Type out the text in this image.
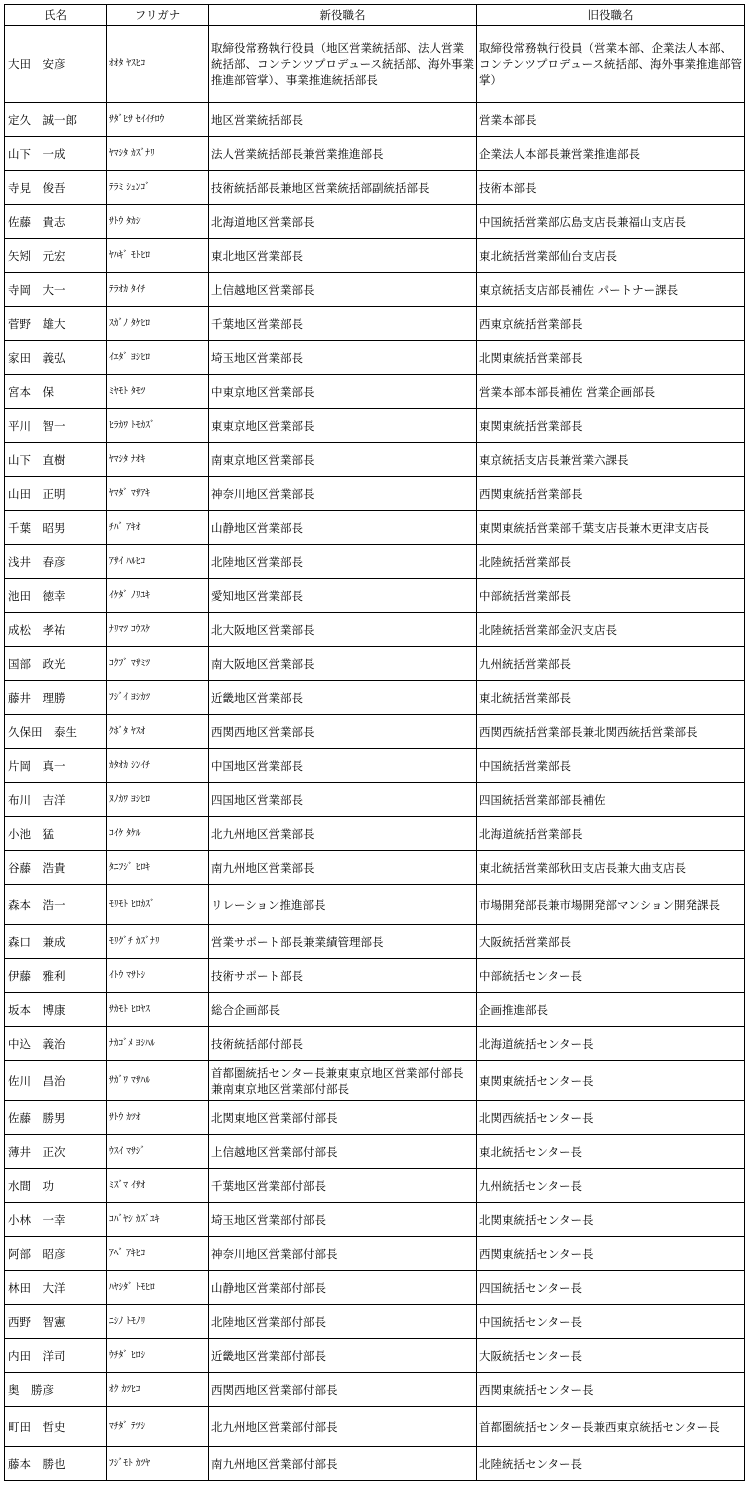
氏名	フリガナ	新役職名	旧役職名
大田　安彦	ｵｵﾀ ﾔｽﾋｺ	取締役常務執行役員（地区営業統括部、法人営業統括部、コンテンツプロデュース統括部、海外事業推進部管掌）、事業推進統括部長	取締役常務執行役員（営業本部、企業法人本部、コンテンツプロデュース統括部、海外事業推進部管掌）
定久　誠一郎	ｻﾀﾞﾋｻ ｾｲｲﾁﾛｳ	地区営業統括部長	営業本部長
山下　一成	ﾔﾏｼﾀ ｶｽﾞﾅﾘ	法人営業統括部長兼営業推進部長	企業法人本部長兼営業推進部長
寺見　俊吾	ﾃﾗﾐ ｼｭﾝｺﾞ	技術統括部長兼地区営業統括部副統括部長	技術本部長
佐藤　貴志	ｻﾄｳ ﾀｶｼ	北海道地区営業部長	中国統括営業部広島支店長兼福山支店長
矢矧　元宏	ﾔﾊｷﾞ ﾓﾄﾋﾛ	東北地区営業部長	東北統括営業部仙台支店長
寺岡　大一	ﾃﾗｵｶ ﾀｲﾁ	上信越地区営業部長	東京統括支店部長補佐 パートナー課長
菅野　雄大	ｽｶﾞﾉ ﾀｹﾋﾛ	千葉地区営業部長	西東京統括営業部長
家田　義弘	ｲｴﾀﾞ ﾖｼﾋﾛ	埼玉地区営業部長	北関東統括営業部長
宮本　保	ﾐﾔﾓﾄ ﾀﾓﾂ	中東京地区営業部長	営業本部本部長補佐 営業企画部長
平川　智一	ﾋﾗｶﾜ ﾄﾓｶｽﾞ	東東京地区営業部長	東関東統括営業部長
山下　直樹	ﾔﾏｼﾀ ﾅｵｷ	南東京地区営業部長	東京統括支店長兼営業六課長
山田　正明	ﾔﾏﾀﾞ ﾏｻｱｷ	神奈川地区営業部長	西関東統括営業部長
千葉　昭男	ﾁﾊﾞ ｱｷｵ	山静地区営業部長	東関東統括営業部千葉支店長兼木更津支店長
浅井　春彦	ｱｻｲ ﾊﾙﾋｺ	北陸地区営業部長	北陸統括営業部長
池田　徳幸	ｲｹﾀﾞ ﾉﾘﾕｷ	愛知地区営業部長	中部統括営業部長
成松　孝祐	ﾅﾘﾏﾂ ｺｳｽｹ	北大阪地区営業部長	北陸統括営業部金沢支店長
国部　政光	ｺｸﾌﾞ ﾏｻﾐﾂ	南大阪地区営業部長	九州統括営業部長
藤井　理勝	ﾌｼﾞｲ ﾖｼｶﾂ	近畿地区営業部長	東北統括営業部長
久保田　泰生	ｸﾎﾞﾀ ﾔｽｵ	西関西地区営業部長	西関西統括営業部長兼北関西統括営業部長
片岡　真一	ｶﾀｵｶ ｼﾝｲﾁ	中国地区営業部長	中国統括営業部長
布川　吉洋	ﾇﾉｶﾜ ﾖｼﾋﾛ	四国地区営業部長	四国統括営業部部長補佐
小池　猛	ｺｲｹ ﾀｹﾙ	北九州地区営業部長	北海道統括営業部長
谷藤　浩貴	ﾀﾆﾌｼﾞ ﾋﾛｷ	南九州地区営業部長	東北統括営業部秋田支店長兼大曲支店長
森本　浩一	ﾓﾘﾓﾄ ﾋﾛｶｽﾞ	リレーション推進部長	市場開発部長兼市場開発部マンション開発課長
森口　兼成	ﾓﾘｸﾞﾁ ｶｽﾞﾅﾘ	営業サポート部長兼業績管理部長	大阪統括営業部長
伊藤　雅利	ｲﾄｳ ﾏｻﾄｼ	技術サポート部長	中部統括センター長
坂本　博康	ｻｶﾓﾄ ﾋﾛﾔｽ	総合企画部長	企画推進部長
中込　義治	ﾅｶｺﾞﾒ ﾖｼﾊﾙ	技術統括部付部長	北海道統括センター長
佐川　昌治	ｻｶﾞﾜ ﾏｻﾊﾙ	首都圏統括センター長兼東東京地区営業部付部長兼南東京地区営業部付部長	東関東統括センター長
佐藤　勝男	ｻﾄｳ ｶﾂｵ	北関東地区営業部付部長	北関西統括センター長
薄井　正次	ｳｽｲ ﾏｻｼﾞ	上信越地区営業部付部長	東北統括センター長
水間　功	ﾐｽﾞﾏ ｲｻｵ	千葉地区営業部付部長	九州統括センター長
小林　一幸	ｺﾊﾞﾔｼ ｶｽﾞﾕｷ	埼玉地区営業部付部長	北関東統括センター長
阿部　昭彦	ｱﾍﾞ ｱｷﾋｺ	神奈川地区営業部付部長	西関東統括センター長
林田　大洋	ﾊﾔｼﾀﾞ ﾄﾓﾋﾛ	山静地区営業部付部長	四国統括センター長
西野　智憲	ﾆｼﾉ ﾄﾓﾉﾘ	北陸地区営業部付部長	中国統括センター長
内田　洋司	ｳﾁﾀﾞ ﾋﾛｼ	近畿地区営業部付部長	大阪統括センター長
奥　勝彦	ｵｸ ｶﾂﾋｺ	西関西地区営業部付部長	西関東統括センター長
町田　哲史	ﾏﾁﾀﾞ ﾃﾂｼ	北九州地区営業部付部長	首都圏統括センター長兼西東京統括センター長
藤本　勝也	ﾌｼﾞﾓﾄ ｶﾂﾔ	南九州地区営業部付部長	北陸統括センター長
